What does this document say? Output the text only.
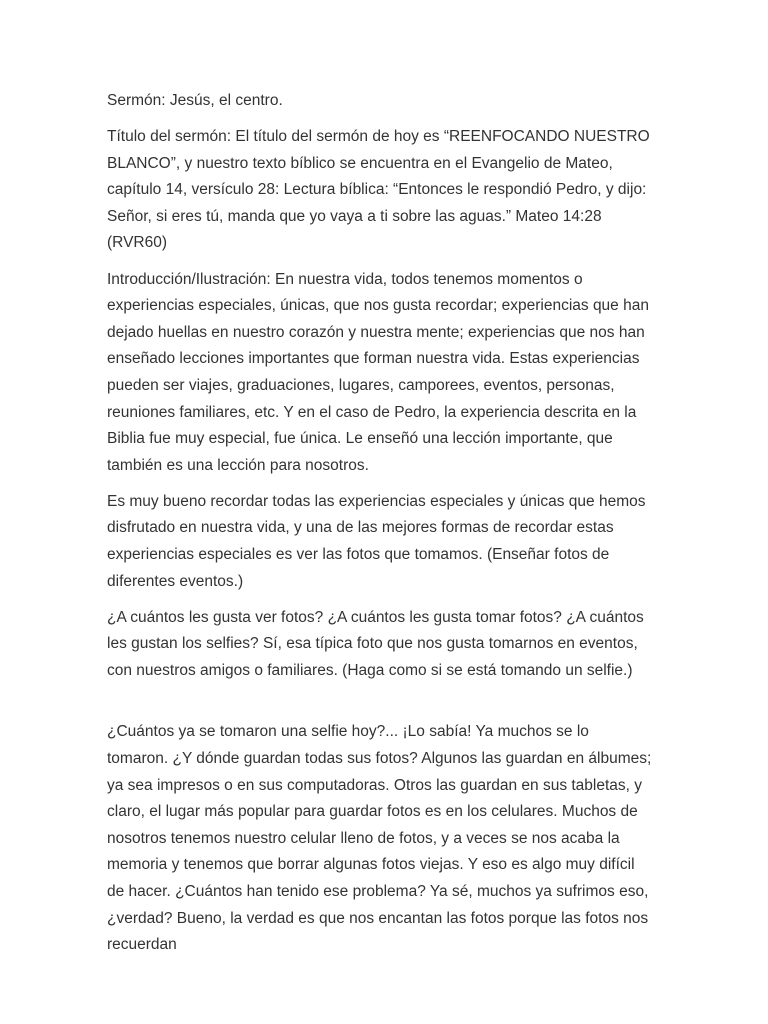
Sermón: Jesús, el centro.

Título del sermón: El título del sermón de hoy es “REENFOCANDO NUESTRO BLANCO”, y nuestro texto bíblico se encuentra en el Evangelio de Mateo, capítulo 14, versículo 28: Lectura bíblica: “Entonces le respondió Pedro, y dijo: Señor, si eres tú, manda que yo vaya a ti sobre las aguas.” Mateo 14:28 (RVR60)

Introducción/Ilustración: En nuestra vida, todos tenemos momentos o experiencias especiales, únicas, que nos gusta recordar; experiencias que han dejado huellas en nuestro corazón y nuestra mente; experiencias que nos han enseñado lecciones importantes que forman nuestra vida. Estas experiencias pueden ser viajes, graduaciones, lugares, camporees, eventos, personas, reuniones familiares, etc. Y en el caso de Pedro, la experiencia descrita en la Biblia fue muy especial, fue única. Le enseñó una lección importante, que también es una lección para nosotros.

Es muy bueno recordar todas las experiencias especiales y únicas que hemos disfrutado en nuestra vida, y una de las mejores formas de recordar estas experiencias especiales es ver las fotos que tomamos. (Enseñar fotos de diferentes eventos.)

¿A cuántos les gusta ver fotos? ¿A cuántos les gusta tomar fotos? ¿A cuántos les gustan los selfies? Sí, esa típica foto que nos gusta tomarnos en eventos, con nuestros amigos o familiares. (Haga como si se está tomando un selfie.)

¿Cuántos ya se tomaron una selfie hoy?... ¡Lo sabía! Ya muchos se lo tomaron. ¿Y dónde guardan todas sus fotos? Algunos las guardan en álbumes; ya sea impresos o en sus computadoras. Otros las guardan en sus tabletas, y claro, el lugar más popular para guardar fotos es en los celulares. Muchos de nosotros tenemos nuestro celular lleno de fotos, y a veces se nos acaba la memoria y tenemos que borrar algunas fotos viejas. Y eso es algo muy difícil de hacer. ¿Cuántos han tenido ese problema? Ya sé, muchos ya sufrimos eso, ¿verdad? Bueno, la verdad es que nos encantan las fotos porque las fotos nos recuerdan
